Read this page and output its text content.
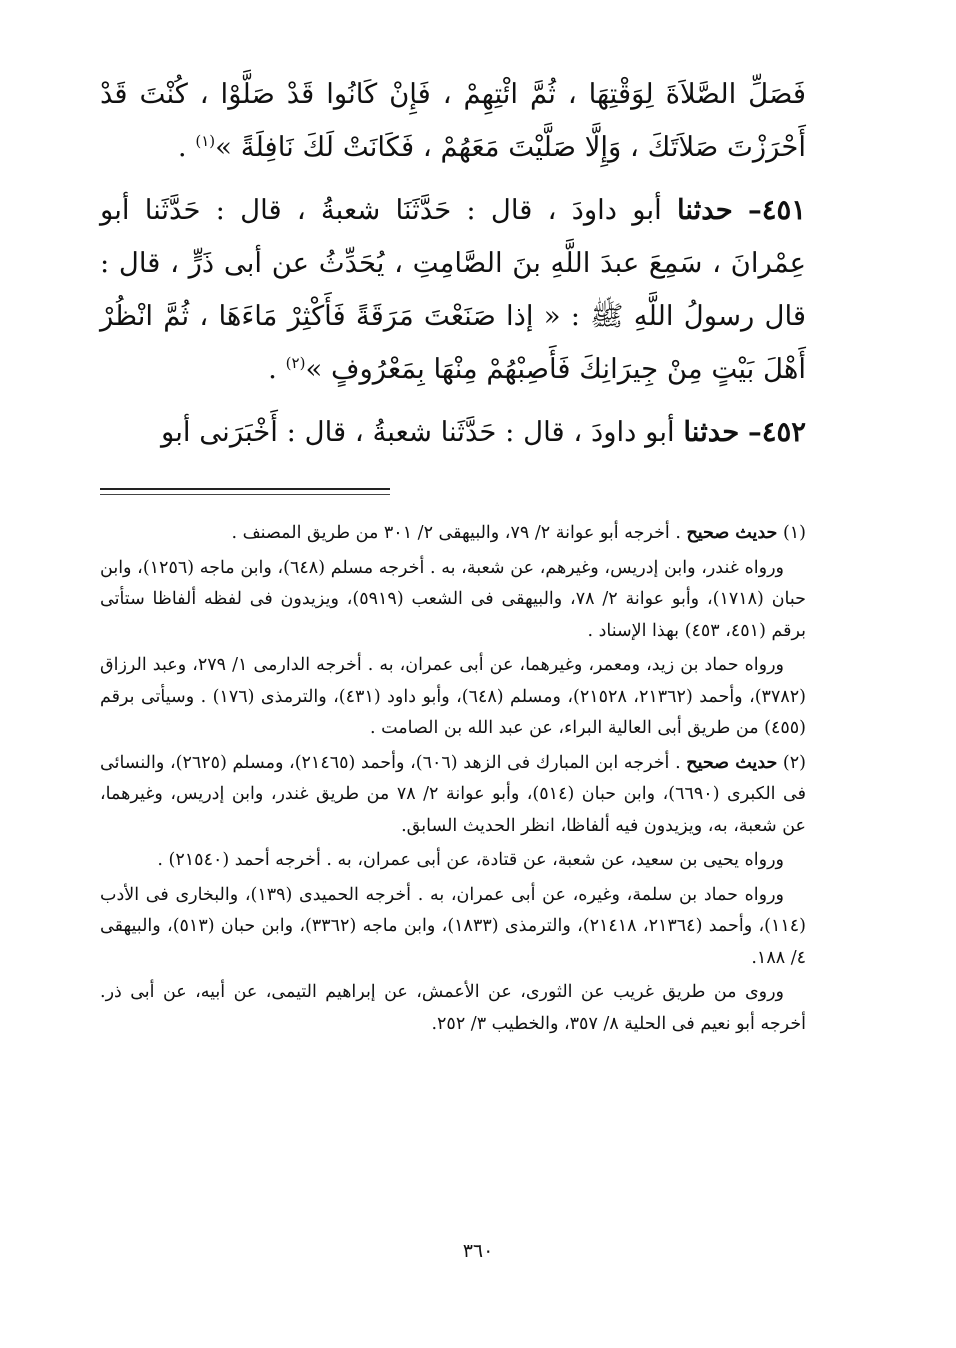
فَصَلِّ الصَّلاَةَ لِوَقْتِهَا ، ثُمَّ ائْتِهِمْ ، فَإِنْ كَانُوا قَدْ صَلَّوْا ، كُنْتَ قَدْ أَحْرَزْتَ صَلاَتَكَ ، وَإِلَّا صَلَّيْتَ مَعَهُمْ ، فَكَانَتْ لَكَ نَافِلَةً »$^{(١)}$ .

٤٥١– حدثنا أبو داودَ ، قال : حَدَّثَنَا شعبةُ ، قال : حَدَّثَنا أبو عِمْرانَ ، سَمِعَ عبدَ اللَّهِ بنَ الصَّامِتِ ، يُحَدِّثُ عن أبى ذَرٍّ ، قال : قال رسولُ اللَّهِ ﷺ : « إذا صَنَعْتَ مَرَقَةً فَأَكْثِرْ مَاءَهَا ، ثُمَّ انْظُرْ أَهْلَ بَيْتٍ مِنْ جِيرَانِكَ فَأَصِبْهُمْ مِنْهَا بِمَعْرُوفٍ »$^{(٢)}$ .

٤٥٢– حدثنا أبو داودَ ، قال : حَدَّثَنا شعبةُ ، قال : أَخْبَرَنى أبو

(١) حديث صحيح . أخرجه أبو عوانة ٢/ ٧٩، والبيهقى ٢/ ٣٠١ من طريق المصنف .

ورواه غندر، وابن إدريس، وغيرهم، عن شعبة، به . أخرجه مسلم (٦٤٨)، وابن ماجه (١٢٥٦)، وابن حبان (١٧١٨)، وأبو عوانة ٢/ ٧٨، والبيهقى فى الشعب (٥٩١٩)، ويزيدون فى لفظه ألفاظا ستأتى برقم (٤٥١، ٤٥٣) بهذا الإسناد .

ورواه حماد بن زيد، ومعمر، وغيرهما، عن أبى عمران، به . أخرجه الدارمى ١/ ٢٧٩، وعبد الرزاق (٣٧٨٢)، وأحمد (٢١٣٦٢، ٢١٥٢٨)، ومسلم (٦٤٨)، وأبو داود (٤٣١)، والترمذى (١٧٦) . وسيأتى برقم (٤٥٥) من طريق أبى العالية البراء، عن عبد الله بن الصامت .

(٢) حديث صحيح . أخرجه ابن المبارك فى الزهد (٦٠٦)، وأحمد (٢١٤٦٥)، ومسلم (٢٦٢٥)، والنسائى فى الكبرى (٦٦٩٠)، وابن حبان (٥١٤)، وأبو عوانة ٢/ ٧٨ من طريق غندر، وابن إدريس، وغيرهما، عن شعبة، به، ويزيدون فيه ألفاظا، انظر الحديث السابق.

ورواه يحيى بن سعيد، عن شعبة، عن قتادة، عن أبى عمران، به . أخرجه أحمد (٢١٥٤٠) .

ورواه حماد بن سلمة، وغيره، عن أبى عمران، به . أخرجه الحميدى (١٣٩)، والبخارى فى الأدب (١١٤)، وأحمد (٢١٣٦٤، ٢١٤١٨)، والترمذى (١٨٣٣)، وابن ماجه (٣٣٦٢)، وابن حبان (٥١٣)، والبيهقى ٤/ ١٨٨.

وروى من طريق غريب عن الثورى، عن الأعمش، عن إبراهيم التيمى، عن أبيه، عن أبى ذر. أخرجه أبو نعيم فى الحلية ٨/ ٣٥٧، والخطيب ٣/ ٢٥٢.

٣٦٠
